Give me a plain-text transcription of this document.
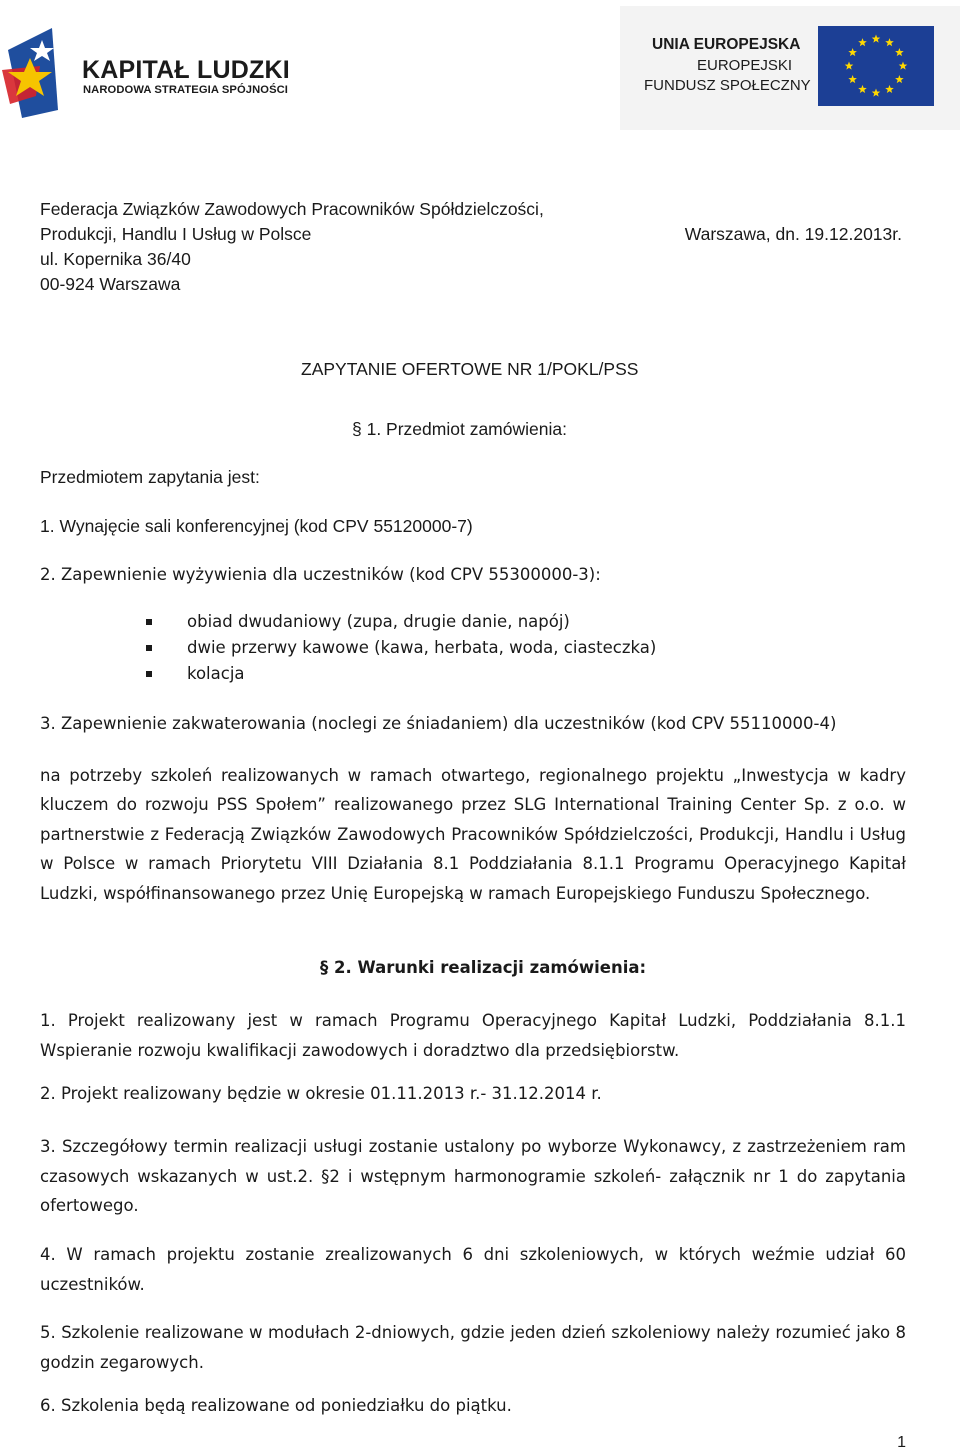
KAPITAŁ LUDZKI
NARODOWA STRATEGIA SPÓJNOŚCI
UNIA EUROPEJSKA
EUROPEJSKI
FUNDUSZ SPOŁECZNY
Federacja Związków Zawodowych Pracowników Spółdzielczości,
Produkcji, Handlu I Usług w Polsce
ul. Kopernika 36/40
00-924 Warszawa
Warszawa, dn. 19.12.2013r.
ZAPYTANIE OFERTOWE NR 1/POKL/PSS
§ 1. Przedmiot zamówienia:
Przedmiotem zapytania jest:
1. Wynajęcie sali konferencyjnej (kod CPV 55120000-7)
2. Zapewnienie wyżywienia dla uczestników (kod CPV 55300000-3):
obiad dwudaniowy (zupa, drugie danie, napój)
dwie przerwy kawowe (kawa, herbata, woda, ciasteczka)
kolacja
3. Zapewnienie zakwaterowania (noclegi ze śniadaniem) dla uczestników (kod CPV 55110000-4)
na potrzeby szkoleń realizowanych w ramach otwartego, regionalnego projektu „Inwestycja w kadry kluczem do rozwoju PSS Społem” realizowanego przez SLG International Training Center Sp. z o.o. w partnerstwie z Federacją Związków Zawodowych Pracowników Spółdzielczości, Produkcji, Handlu i Usług w Polsce w ramach Priorytetu VIII Działania 8.1 Poddziałania 8.1.1 Programu Operacyjnego Kapitał Ludzki, współfinansowanego przez Unię Europejską w ramach Europejskiego Funduszu Społecznego.
§ 2. Warunki realizacji zamówienia:
1. Projekt realizowany jest w ramach Programu Operacyjnego Kapitał Ludzki, Poddziałania 8.1.1 Wspieranie rozwoju kwalifikacji zawodowych i doradztwo dla przedsiębiorstw.
2. Projekt realizowany będzie w okresie 01.11.2013 r.- 31.12.2014 r.
3. Szczegółowy termin realizacji usługi zostanie ustalony po wyborze Wykonawcy, z zastrzeżeniem ram czasowych wskazanych w ust.2. §2 i wstępnym harmonogramie szkoleń- załącznik nr 1 do zapytania ofertowego.
4. W ramach projektu zostanie zrealizowanych 6 dni szkoleniowych, w których weźmie udział 60 uczestników.
5. Szkolenie realizowane w modułach 2-dniowych, gdzie jeden dzień szkoleniowy należy rozumieć jako 8 godzin zegarowych.
6. Szkolenia będą realizowane od poniedziałku do piątku.
1
